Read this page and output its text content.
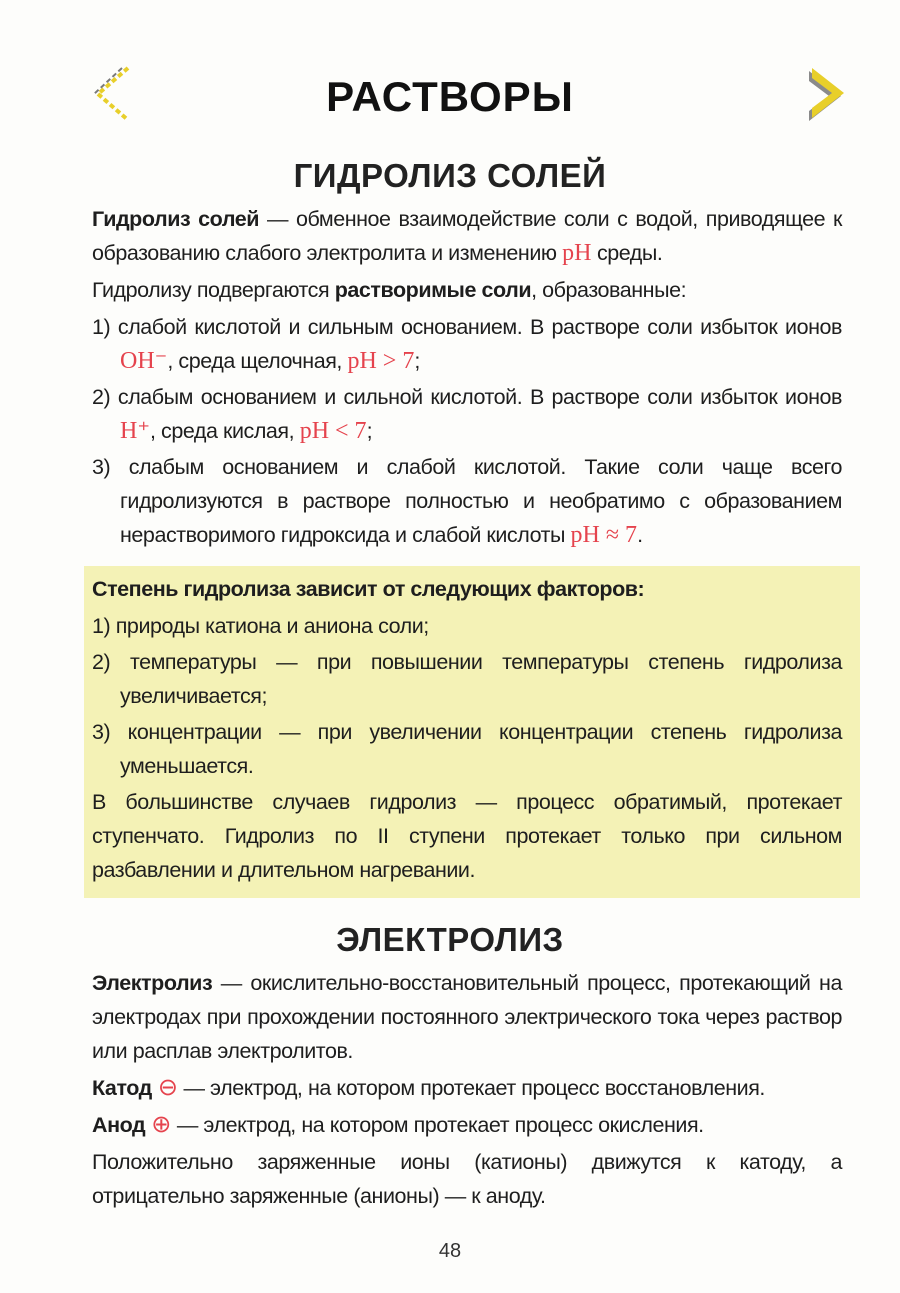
РАСТВОРЫ
ГИДРОЛИЗ СОЛЕЙ
Гидролиз солей — обменное взаимодействие соли с водой, приводящее к образованию слабого электролита и изменению pH среды.
Гидролизу подвергаются растворимые соли, образованные:
1) слабой кислотой и сильным основанием. В растворе соли избыток ионов OH⁻, среда щелочная, pH > 7;
2) слабым основанием и сильной кислотой. В растворе соли избыток ионов H⁺, среда кислая, pH < 7;
3) слабым основанием и слабой кислотой. Такие соли чаще всего гидролизуются в растворе полностью и необратимо с образованием нерастворимого гидроксида и слабой кислоты pH ≈ 7.
Степень гидролиза зависит от следующих факторов:
1) природы катиона и аниона соли;
2) температуры — при повышении температуры степень гидролиза увеличивается;
3) концентрации — при увеличении концентрации степень гидролиза уменьшается.
В большинстве случаев гидролиз — процесс обратимый, протекает ступенчато. Гидролиз по II ступени протекает только при сильном разбавлении и длительном нагревании.
ЭЛЕКТРОЛИЗ
Электролиз — окислительно-восстановительный процесс, протекающий на электродах при прохождении постоянного электрического тока через раствор или расплав электролитов.
Катод ⊖ — электрод, на котором протекает процесс восстановления.
Анод ⊕ — электрод, на котором протекает процесс окисления.
Положительно заряженные ионы (катионы) движутся к катоду, а отрицательно заряженные (анионы) — к аноду.
48
